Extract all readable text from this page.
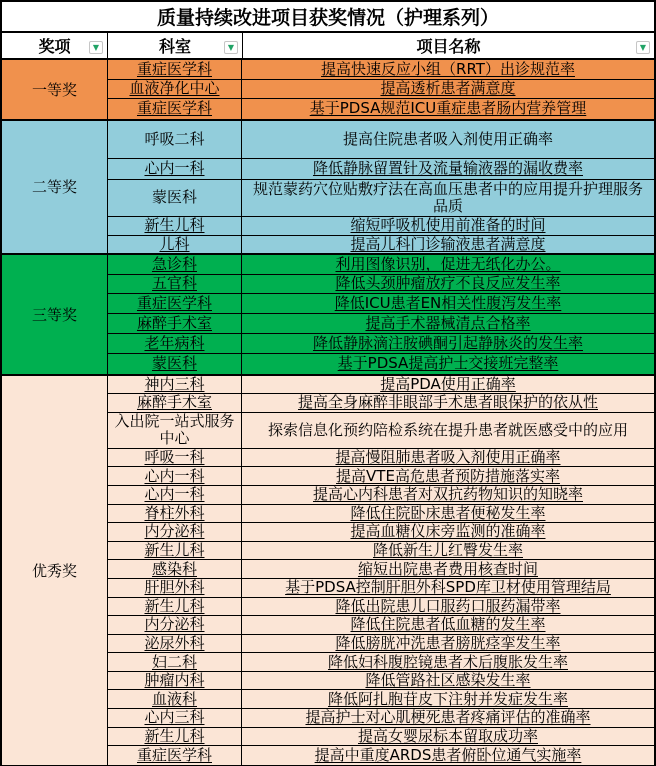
质量持续改进项目获奖情况（护理系列）
奖项	▼	科室	▼	项目名称	▼
一等奖
重症医学科	提高快速反应小组（RRT）出诊规范率
血液净化中心	提高透析患者满意度
重症医学科	基于PDSA规范ICU重症患者肠内营养管理
二等奖
呼吸二科	提高住院患者吸入剂使用正确率
心内一科	降低静脉留置针及流量输液器的漏收费率
蒙医科	规范蒙药穴位贴敷疗法在高血压患者中的应用提升护理服务品质
新生儿科	缩短呼吸机使用前准备的时间
儿科	提高儿科门诊输液患者满意度
三等奖
急诊科	利用图像识别，促进无纸化办公。
五官科	降低头颈肿瘤放疗不良反应发生率
重症医学科	降低ICU患者EN相关性腹泻发生率
麻醉手术室	提高手术器械清点合格率
老年病科	降低静脉滴注胺碘酮引起静脉炎的发生率
蒙医科	基于PDSA提高护士交接班完整率
优秀奖
神内三科	提高PDA使用正确率
麻醉手术室	提高全身麻醉非眼部手术患者眼保护的依从性
入出院一站式服务中心	探索信息化预约陪检系统在提升患者就医感受中的应用
呼吸一科	提高慢阻肺患者吸入剂使用正确率
心内一科	提高VTE高危患者预防措施落实率
心内一科	提高心内科患者对双抗药物知识的知晓率
脊柱外科	降低住院卧床患者便秘发生率
内分泌科	提高血糖仪床旁监测的准确率
新生儿科	降低新生儿红臀发生率
感染科	缩短出院患者费用核查时间
肝胆外科	基于PDSA控制肝胆外科SPD库卫材使用管理结局
新生儿科	降低出院患儿口服药口服药漏带率
内分泌科	降低住院患者低血糖的发生率
泌尿外科	降低膀胱冲洗患者膀胱痉挛发生率
妇二科	降低妇科腹腔镜患者术后腹胀发生率
肿瘤内科	降低管路社区感染发生率
血液科	降低阿扎胞苷皮下注射并发症发生率
心内三科	提高护士对心肌梗死患者疼痛评估的准确率
新生儿科	提高女婴尿标本留取成功率
重症医学科	提高中重度ARDS患者俯卧位通气实施率
